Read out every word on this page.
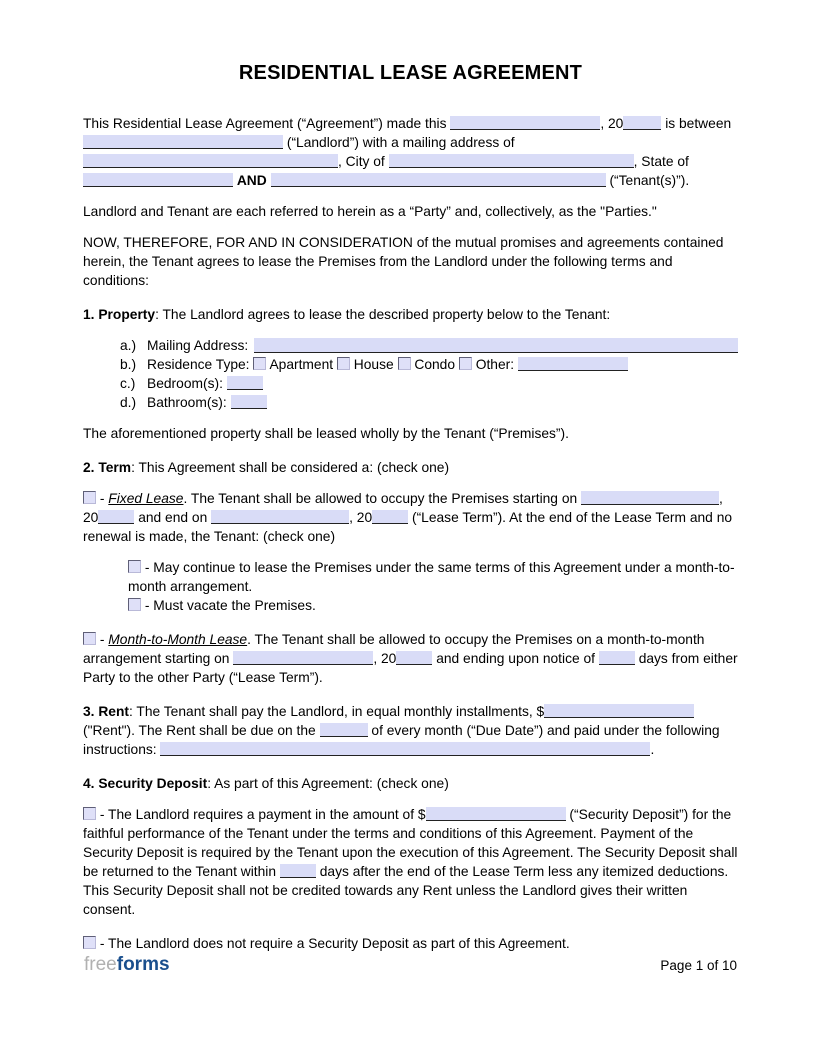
RESIDENTIAL LEASE AGREEMENT

This Residential Lease Agreement (“Agreement”) made this	, 20	is between  (“Landlord”) with a mailing address of , City of	, State of  AND	(“Tenant(s)”).

Landlord and Tenant are each referred to herein as a “Party” and, collectively, as the "Parties."

NOW, THEREFORE, FOR AND IN CONSIDERATION of the mutual promises and agreements contained herein, the Tenant agrees to lease the Premises from the Landlord under the following terms and conditions:

1. Property: The Landlord agrees to lease the described property below to the Tenant:

a.) Mailing Address:
b.) Residence Type: Apartment House Condo Other:
c.) Bedroom(s):
d.) Bathroom(s):

The aforementioned property shall be leased wholly by the Tenant (“Premises”).

2. Term: This Agreement shall be considered a: (check one)

- Fixed Lease. The Tenant shall be allowed to occupy the Premises starting on	, 20	and end on	, 20	(“Lease Term”). At the end of the Lease Term and no renewal is made, the Tenant: (check one)

- May continue to lease the Premises under the same terms of this Agreement under a month-to-month arrangement.
- Must vacate the Premises.

- Month-to-Month Lease. The Tenant shall be allowed to occupy the Premises on a month-to-month arrangement starting on	, 20	and ending upon notice of	days from either Party to the other Party (“Lease Term”).

3. Rent: The Tenant shall pay the Landlord, in equal monthly installments, $ ("Rent"). The Rent shall be due on the	of every month (“Due Date”) and paid under the following instructions:	.

4. Security Deposit: As part of this Agreement: (check one)

- The Landlord requires a payment in the amount of $	(“Security Deposit”) for the faithful performance of the Tenant under the terms and conditions of this Agreement. Payment of the Security Deposit is required by the Tenant upon the execution of this Agreement. The Security Deposit shall be returned to the Tenant within	days after the end of the Lease Term less any itemized deductions. This Security Deposit shall not be credited towards any Rent unless the Landlord gives their written consent.

- The Landlord does not require a Security Deposit as part of this Agreement.

freeforms	Page 1 of 10
